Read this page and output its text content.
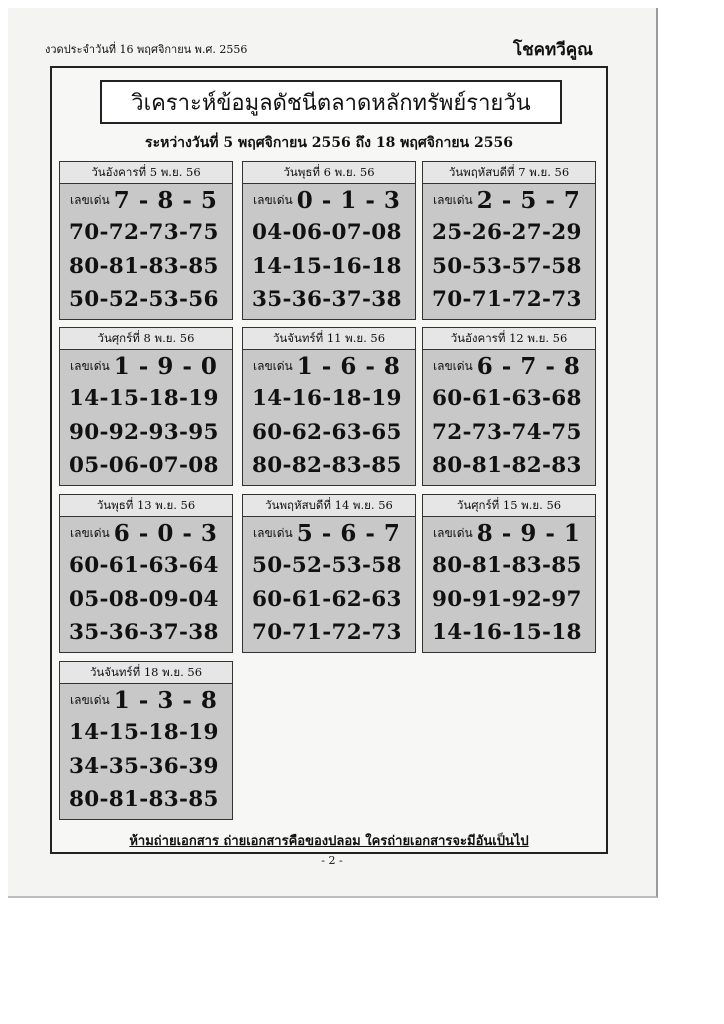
งวดประจำวันที่ 16 พฤศจิกายน พ.ศ. 2556	โชคทวีคูณ
วิเคราะห์ข้อมูลดัชนีตลาดหลักทรัพย์รายวัน
ระหว่างวันที่ 5 พฤศจิกายน 2556 ถึง 18 พฤศจิกายน 2556
วันอังคารที่ 5 พ.ย. 56
เลขเด่น 7 - 8 - 5
70-72-73-75
80-81-83-85
50-52-53-56
วันพุธที่ 6 พ.ย. 56
เลขเด่น 0 - 1 - 3
04-06-07-08
14-15-16-18
35-36-37-38
วันพฤหัสบดีที่ 7 พ.ย. 56
เลขเด่น 2 - 5 - 7
25-26-27-29
50-53-57-58
70-71-72-73
วันศุกร์ที่ 8 พ.ย. 56
เลขเด่น 1 - 9 - 0
14-15-18-19
90-92-93-95
05-06-07-08
วันจันทร์ที่ 11 พ.ย. 56
เลขเด่น 1 - 6 - 8
14-16-18-19
60-62-63-65
80-82-83-85
วันอังคารที่ 12 พ.ย. 56
เลขเด่น 6 - 7 - 8
60-61-63-68
72-73-74-75
80-81-82-83
วันพุธที่ 13 พ.ย. 56
เลขเด่น 6 - 0 - 3
60-61-63-64
05-08-09-04
35-36-37-38
วันพฤหัสบดีที่ 14 พ.ย. 56
เลขเด่น 5 - 6 - 7
50-52-53-58
60-61-62-63
70-71-72-73
วันศุกร์ที่ 15 พ.ย. 56
เลขเด่น 8 - 9 - 1
80-81-83-85
90-91-92-97
14-16-15-18
วันจันทร์ที่ 18 พ.ย. 56
เลขเด่น 1 - 3 - 8
14-15-18-19
34-35-36-39
80-81-83-85
ห้ามถ่ายเอกสาร ถ่ายเอกสารคือของปลอม ใครถ่ายเอกสารจะมีอันเป็นไป
- 2 -
